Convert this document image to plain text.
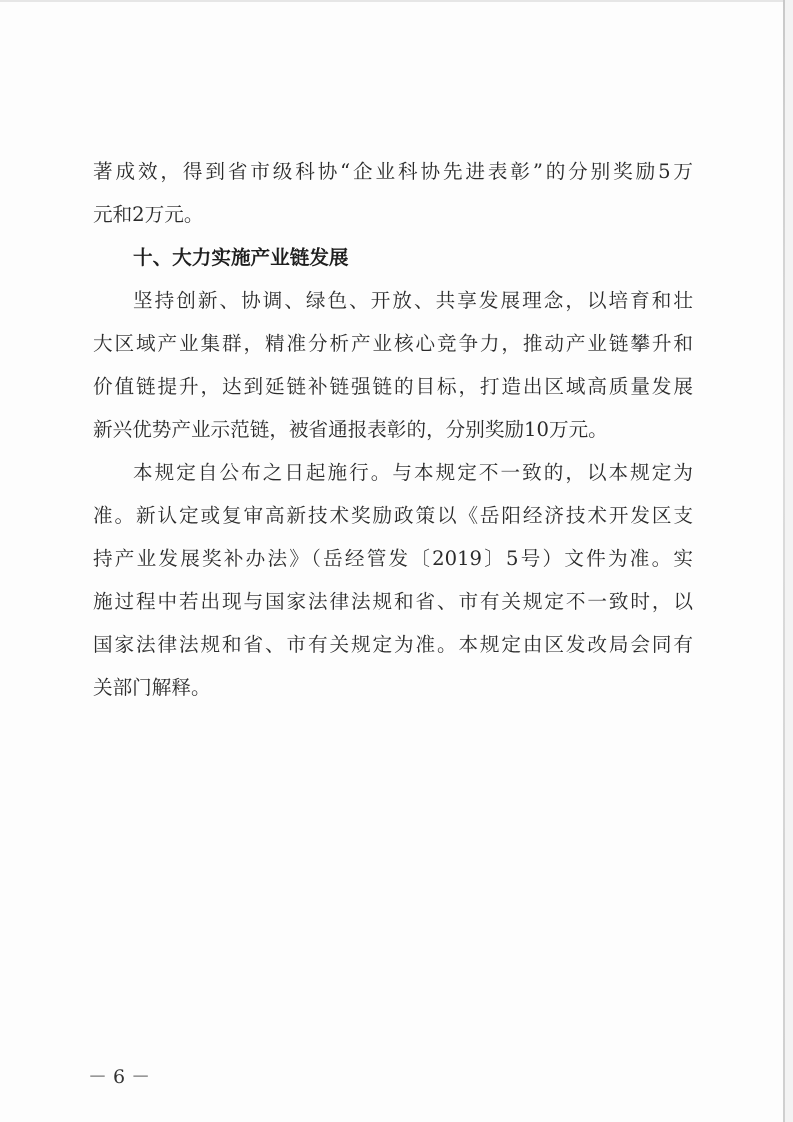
著成效，得到省市级科协“企业科协先进表彰”的分别奖励5万
元和2万元。
十、大力实施产业链发展
坚持创新、协调、绿色、开放、共享发展理念，以培育和壮
大区域产业集群，精准分析产业核心竞争力，推动产业链攀升和
价值链提升，达到延链补链强链的目标，打造出区域高质量发展
新兴优势产业示范链，被省通报表彰的，分别奖励10万元。
本规定自公布之日起施行。与本规定不一致的，以本规定为
准。新认定或复审高新技术奖励政策以《岳阳经济技术开发区支
持产业发展奖补办法》（岳经管发〔2019〕5号）文件为准。实
施过程中若出现与国家法律法规和省、市有关规定不一致时，以
国家法律法规和省、市有关规定为准。本规定由区发改局会同有
关部门解释。
－ 6 －
